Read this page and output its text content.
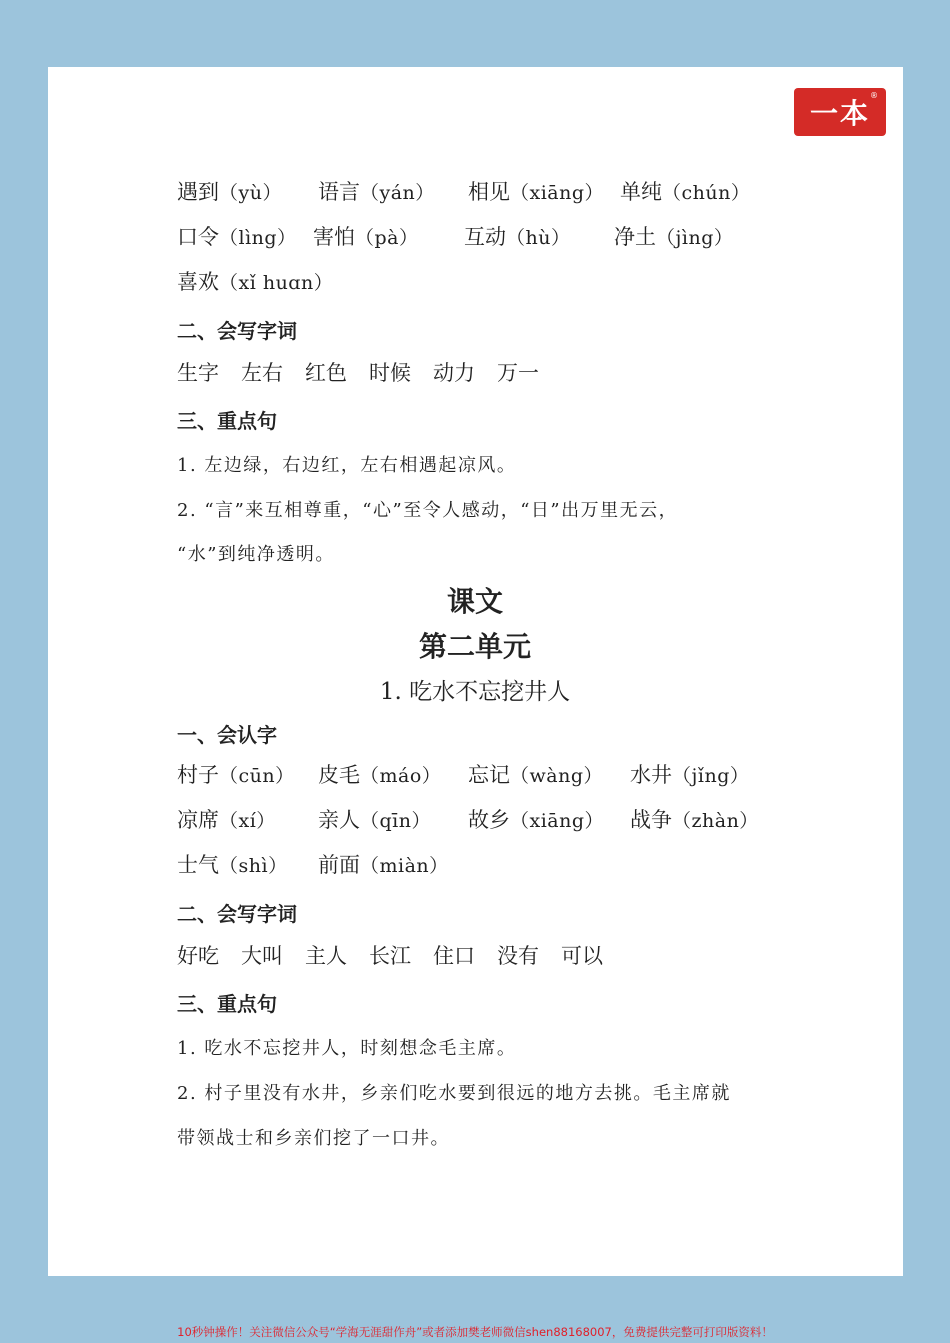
一本
®
遇到（yù） 语言（yán） 相见（xiāng） 单纯（chún）
口令（lìng） 害怕（pà） 互动（hù） 净土（jìng）
喜欢（xǐ huɑn）
二、会写字词
生字 左右 红色 时候 动力 万一
三、重点句
1. 左边绿，右边红，左右相遇起凉风。
2. “言”来互相尊重，“心”至令人感动，“日”出万里无云，
“水”到纯净透明。
课文
第二单元
1. 吃水不忘挖井人
一、会认字
村子（cūn） 皮毛（máo） 忘记（wàng） 水井（jǐng）
凉席（xí） 亲人（qīn） 故乡（xiāng） 战争（zhàn）
士气（shì） 前面（miàn）
二、会写字词
好吃 大叫 主人 长江 住口 没有 可以
三、重点句
1. 吃水不忘挖井人，时刻想念毛主席。
2. 村子里没有水井，乡亲们吃水要到很远的地方去挑。毛主席就
带领战士和乡亲们挖了一口井。
10秒钟操作！关注微信公众号“学海无涯甜作舟”或者添加樊老师微信shen88168007，免费提供完整可打印版资料！
